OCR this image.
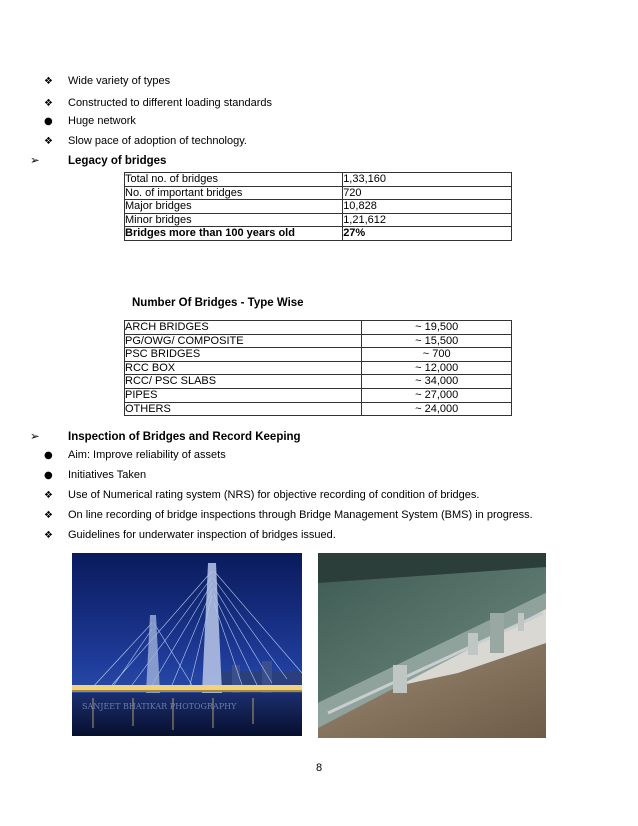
❖ Wide variety of types
❖ Constructed to different loading standards
● Huge network
❖ Slow pace of adoption of technology.
➢ Legacy of bridges
Total no. of bridges	1,33,160
No. of important bridges	720
Major bridges	10,828
Minor bridges	1,21,612
Bridges more than 100 years old	27%
Number Of Bridges - Type Wise
ARCH BRIDGES	~ 19,500
PG/OWG/ COMPOSITE	~ 15,500
PSC BRIDGES	~ 700
RCC BOX	~ 12,000
RCC/ PSC SLABS	~ 34,000
PIPES	~ 27,000
OTHERS	~ 24,000
➢ Inspection of Bridges and Record Keeping
● Aim: Improve reliability of assets
● Initiatives Taken
❖ Use of Numerical rating system (NRS) for objective recording of condition of bridges.
❖ On line recording of bridge inspections through Bridge Management System (BMS) in progress.
❖ Guidelines for underwater inspection of bridges issued.
SANJEET BHATIKAR PHOTOGRAPHY
8
